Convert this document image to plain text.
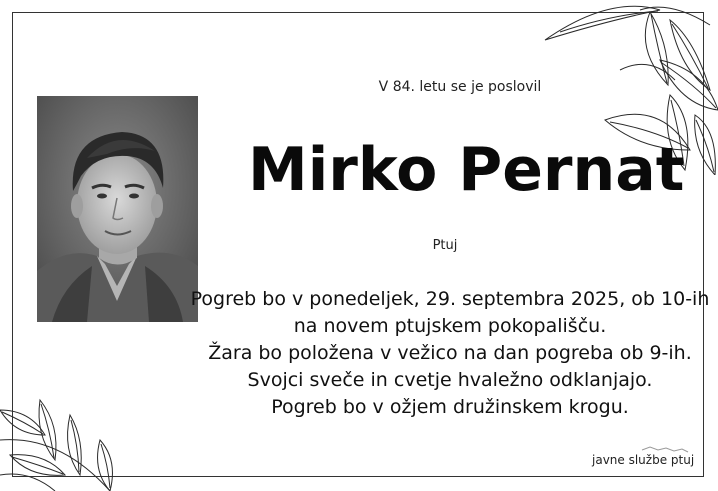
V 84. letu se je poslovil
Mirko Pernat
Ptuj
Pogreb bo v ponedeljek, 29. septembra 2025, ob 10-ih
na novem ptujskem pokopališču.
Žara bo položena v vežico na dan pogreba ob 9-ih.
Svojci sveče in cvetje hvaležno odklanjajo.
Pogreb bo v ožjem družinskem krogu.
javne službe ptuj
